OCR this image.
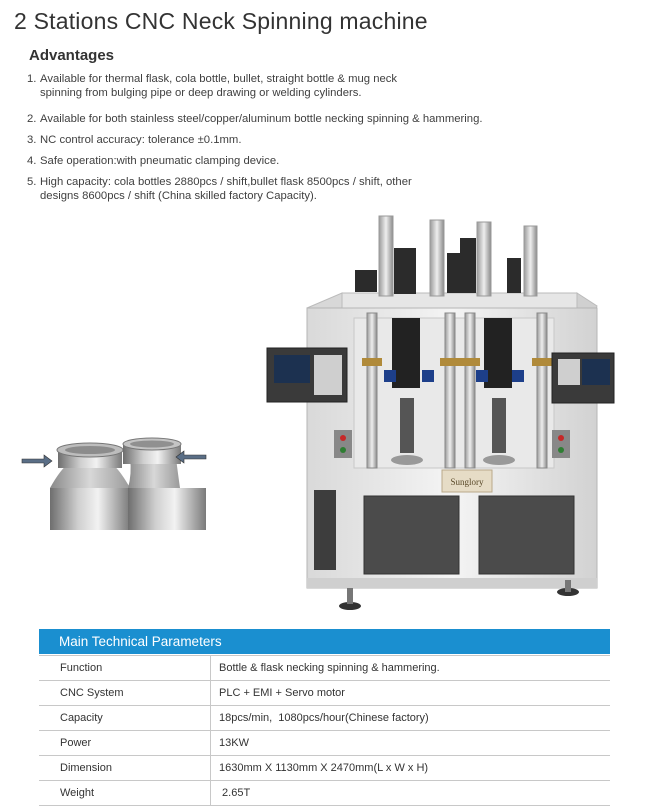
2 Stations CNC Neck Spinning machine
Advantages
1. Available for thermal flask, cola bottle, bullet, straight bottle & mug neck spinning from bulging pipe or deep drawing or welding cylinders.
2. Available for both stainless steel/copper/aluminum bottle necking spinning & hammering.
3. NC control accuracy: tolerance ±0.1mm.
4. Safe operation:with pneumatic clamping device.
5. High capacity: cola bottles 2880pcs / shift,bullet flask 8500pcs / shift, other designs 8600pcs / shift (China skilled factory Capacity).
Sunglory
Main Technical Parameters
Function	Bottle & flask necking spinning & hammering.
CNC System	PLC + EMI + Servo motor
Capacity	18pcs/min,  1080pcs/hour(Chinese factory)
Power	13KW
Dimension	1630mm X 1130mm X 2470mm(L x W x H)
Weight	2.65T
